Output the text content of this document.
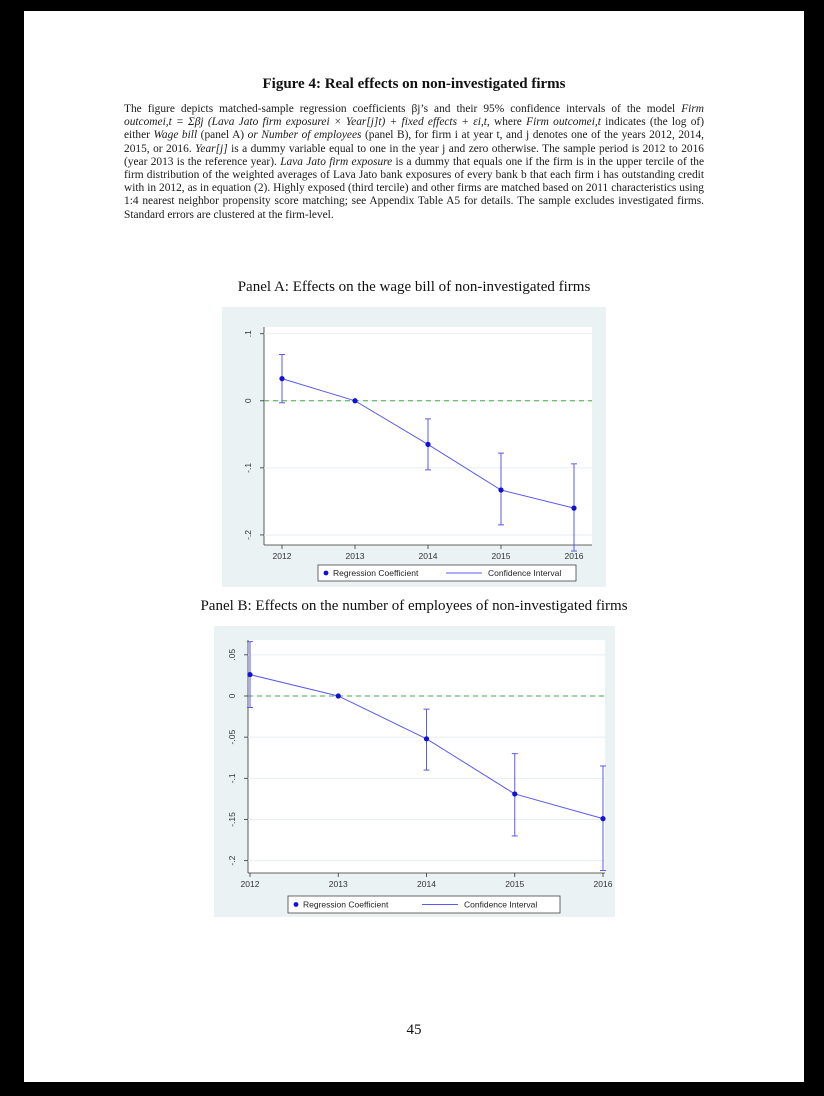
Figure 4: Real effects on non-investigated firms

The figure depicts matched-sample regression coefficients βj’s and their 95% confidence intervals of the model Firm outcomei,t = Σβj (Lava Jato firm exposurei × Year[j]t) + fixed effects + εi,t, where Firm outcomei,t indicates (the log of) either Wage bill (panel A) or Number of employees (panel B), for firm i at year t, and j denotes one of the years 2012, 2014, 2015, or 2016. Year[j] is a dummy variable equal to one in the year j and zero otherwise. The sample period is 2012 to 2016 (year 2013 is the reference year). Lava Jato firm exposure is a dummy that equals one if the firm is in the upper tercile of the firm distribution of the weighted averages of Lava Jato bank exposures of every bank b that each firm i has outstanding credit with in 2012, as in equation (2). Highly exposed (third tercile) and other firms are matched based on 2011 characteristics using 1:4 nearest neighbor propensity score matching; see Appendix Table A5 for details. The sample excludes investigated firms. Standard errors are clustered at the firm-level.

Panel A: Effects on the wage bill of non-investigated firms
.1
0
-.1
-.2
2012	2013	2014	2015	2016
Regression Coefficient	Confidence Interval
Panel B: Effects on the number of employees of non-investigated firms
.05
0
-.05
-.1
-.15
-.2
2012	2013	2014	2015	2016
Regression Coefficient	Confidence Interval
45
